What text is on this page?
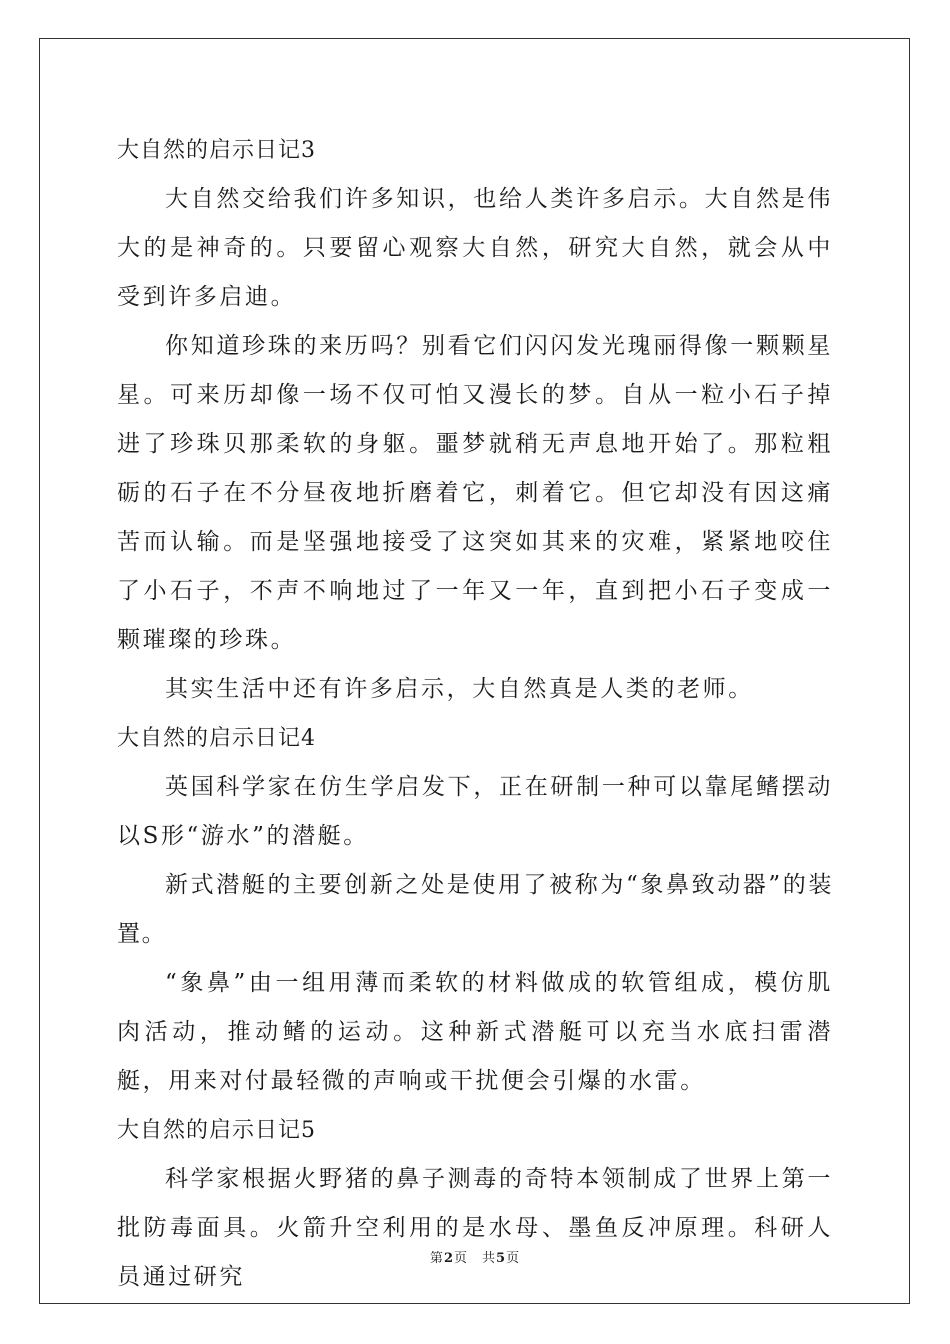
大自然的启示日记3

大自然交给我们许多知识，也给人类许多启示。大自然是伟大的是神奇的。只要留心观察大自然，研究大自然，就会从中受到许多启迪。

你知道珍珠的来历吗？别看它们闪闪发光瑰丽得像一颗颗星星。可来历却像一场不仅可怕又漫长的梦。自从一粒小石子掉进了珍珠贝那柔软的身躯。噩梦就稍无声息地开始了。那粒粗砺的石子在不分昼夜地折磨着它，刺着它。但它却没有因这痛苦而认输。而是坚强地接受了这突如其来的灾难，紧紧地咬住了小石子，不声不响地过了一年又一年，直到把小石子变成一颗璀璨的珍珠。

其实生活中还有许多启示，大自然真是人类的老师。

大自然的启示日记4

英国科学家在仿生学启发下，正在研制一种可以靠尾鳍摆动以S形“游水”的潜艇。

新式潜艇的主要创新之处是使用了被称为“象鼻致动器”的装置。

“象鼻”由一组用薄而柔软的材料做成的软管组成，模仿肌肉活动，推动鳍的运动。这种新式潜艇可以充当水底扫雷潜艇，用来对付最轻微的声响或干扰便会引爆的水雷。

大自然的启示日记5

科学家根据火野猪的鼻子测毒的奇特本领制成了世界上第一批防毒面具。火箭升空利用的是水母、墨鱼反冲原理。科研人员通过研究

第2页 共5页
